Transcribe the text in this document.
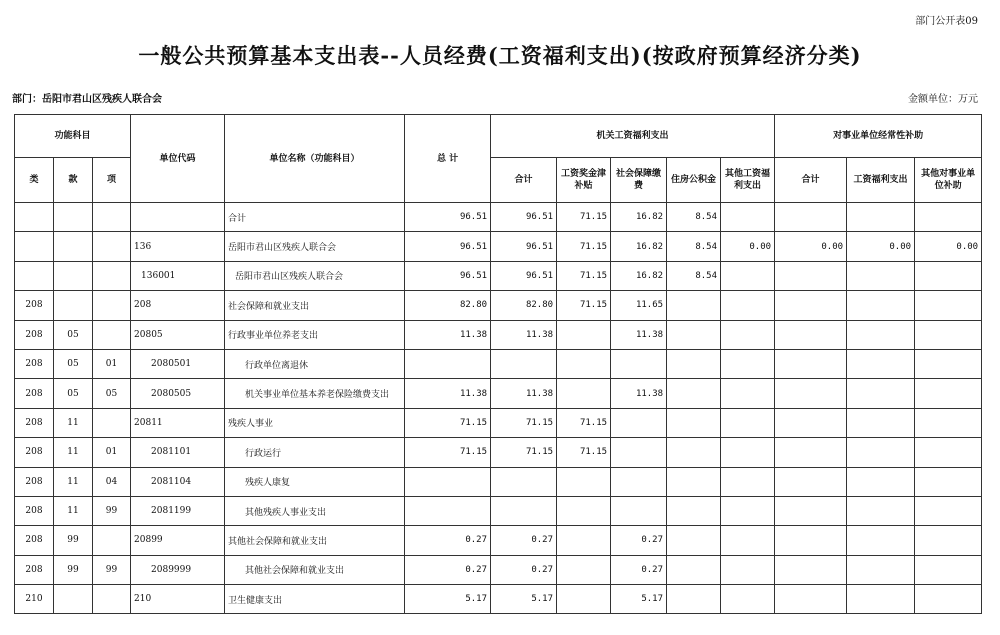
部门公开表09
一般公共预算基本支出表--人员经费(工资福利支出)(按政府预算经济分类)
部门：岳阳市君山区残疾人联合会	金额单位：万元
功能科目			单位代码	单位名称（功能科目）	总 计	机关工资福利支出					对事业单位经常性补助		
类	款	项				合计	工资奖金津补贴	社会保障缴费	住房公积金	其他工资福利支出	合计	工资福利支出	其他对事业单位补助
				合计	96.51	96.51	71.15	16.82	8.54				
			136	岳阳市君山区残疾人联合会	96.51	96.51	71.15	16.82	8.54	0.00	0.00	0.00	0.00
			136001	岳阳市君山区残疾人联合会	96.51	96.51	71.15	16.82	8.54				
208			208	社会保障和就业支出	82.80	82.80	71.15	11.65					
208	05		20805	行政事业单位养老支出	11.38	11.38		11.38					
208	05	01	2080501	行政单位离退休									
208	05	05	2080505	机关事业单位基本养老保险缴费支出	11.38	11.38		11.38					
208	11		20811	残疾人事业	71.15	71.15	71.15						
208	11	01	2081101	行政运行	71.15	71.15	71.15						
208	11	04	2081104	残疾人康复									
208	11	99	2081199	其他残疾人事业支出									
208	99		20899	其他社会保障和就业支出	0.27	0.27		0.27					
208	99	99	2089999	其他社会保障和就业支出	0.27	0.27		0.27					
210			210	卫生健康支出	5.17	5.17		5.17					
